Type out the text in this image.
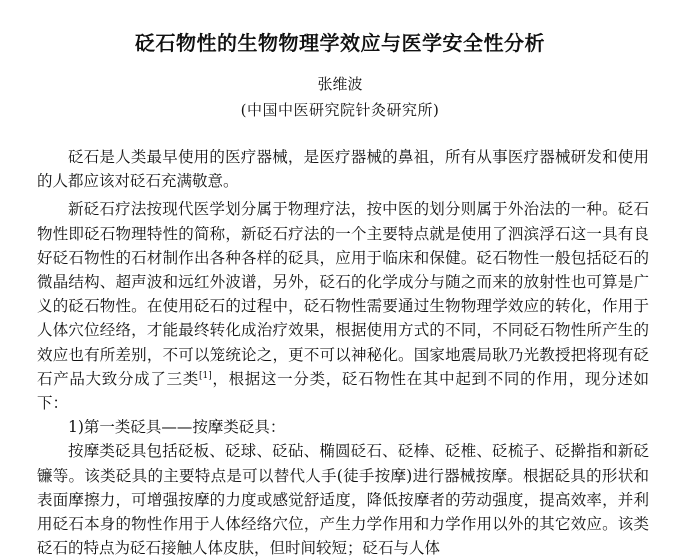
砭石物性的生物物理学效应与医学安全性分析
张维波
(中国中医研究院针灸研究所)

砭石是人类最早使用的医疗器械，是医疗器械的鼻祖，所有从事医疗器械研发和使用的人都应该对砭石充满敬意。

新砭石疗法按现代医学划分属于物理疗法，按中医的划分则属于外治法的一种。砭石物性即砭石物理特性的简称，新砭石疗法的一个主要特点就是使用了泗滨浮石这一具有良好砭石物性的石材制作出各种各样的砭具，应用于临床和保健。砭石物性一般包括砭石的微晶结构、超声波和远红外波谱，另外，砭石的化学成分与随之而来的放射性也可算是广义的砭石物性。在使用砭石的过程中，砭石物性需要通过生物物理学效应的转化，作用于人体穴位经络，才能最终转化成治疗效果，根据使用方式的不同，不同砭石物性所产生的效应也有所差别，不可以笼统论之，更不可以神秘化。国家地震局耿乃光教授把将现有砭石产品大致分成了三类[1]，根据这一分类，砭石物性在其中起到不同的作用，现分述如下：

1)第一类砭具——按摩类砭具：

按摩类砭具包括砭板、砭球、砭砧、椭圆砭石、砭棒、砭椎、砭梳子、砭擀指和新砭镰等。该类砭具的主要特点是可以替代人手(徒手按摩)进行器械按摩。根据砭具的形状和表面摩擦力，可增强按摩的力度或感觉舒适度，降低按摩者的劳动强度，提高效率，并利用砭石本身的物性作用于人体经络穴位，产生力学作用和力学作用以外的其它效应。该类砭石的特点为砭石接触人体皮肤，但时间较短；砭石与人体
